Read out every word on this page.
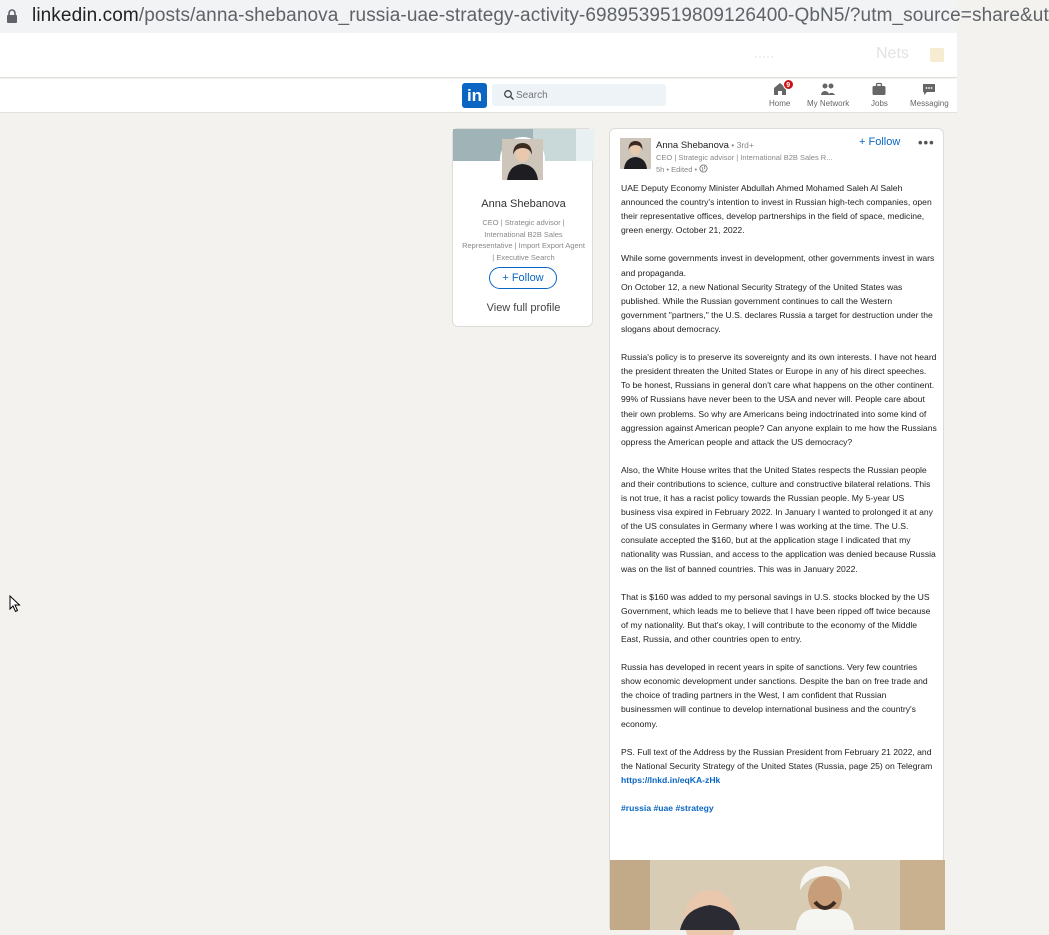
linkedin.com/posts/anna-shebanova_russia-uae-strategy-activity-6989539519809126400-QbN5/?utm_source=share&ut
·····	Nets
in
Search
9
Home My Network	Jobs	Messaging
Anna Shebanova
CEO | Strategic advisor | International B2B Sales Representative | Import Export Agent | Executive Search
+ Follow
View full profile
Anna Shebanova • 3rd+
CEO | Strategic advisor | International B2B Sales R...
5h • Edited •
+ Follow •••

UAE Deputy Economy Minister Abdullah Ahmed Mohamed Saleh Al Saleh announced the country's intention to invest in Russian high-tech companies, open their representative offices, develop partnerships in the field of space, medicine, green energy. October 21, 2022.

While some governments invest in development, other governments invest in wars and propaganda.

On October 12, a new National Security Strategy of the United States was published. While the Russian government continues to call the Western government "partners," the U.S. declares Russia a target for destruction under the slogans about democracy.

Russia's policy is to preserve its sovereignty and its own interests. I have not heard the president threaten the United States or Europe in any of his direct speeches. To be honest, Russians in general don't care what happens on the other continent. 99% of Russians have never been to the USA and never will. People care about their own problems. So why are Americans being indoctrinated into some kind of aggression against American people? Can anyone explain to me how the Russians oppress the American people and attack the US democracy?

Also, the White House writes that the United States respects the Russian people and their contributions to science, culture and constructive bilateral relations. This is not true, it has a racist policy towards the Russian people. My 5-year US business visa expired in February 2022. In January I wanted to prolonged it at any of the US consulates in Germany where I was working at the time. The U.S. consulate accepted the $160, but at the application stage I indicated that my nationality was Russian, and access to the application was denied because Russia was on the list of banned countries. This was in January 2022.

That is $160 was added to my personal savings in U.S. stocks blocked by the US Government, which leads me to believe that I have been ripped off twice because of my nationality. But that's okay, I will contribute to the economy of the Middle East, Russia, and other countries open to entry.

Russia has developed in recent years in spite of sanctions. Very few countries show economic development under sanctions. Despite the ban on free trade and the choice of trading partners in the West, I am confident that Russian businessmen will continue to develop international business and the country's economy.

PS. Full text of the Address by the Russian President from February 21 2022, and the National Security Strategy of the United States (Russia, page 25) on Telegram https://lnkd.in/eqKA-zHk

#russia #uae #strategy
